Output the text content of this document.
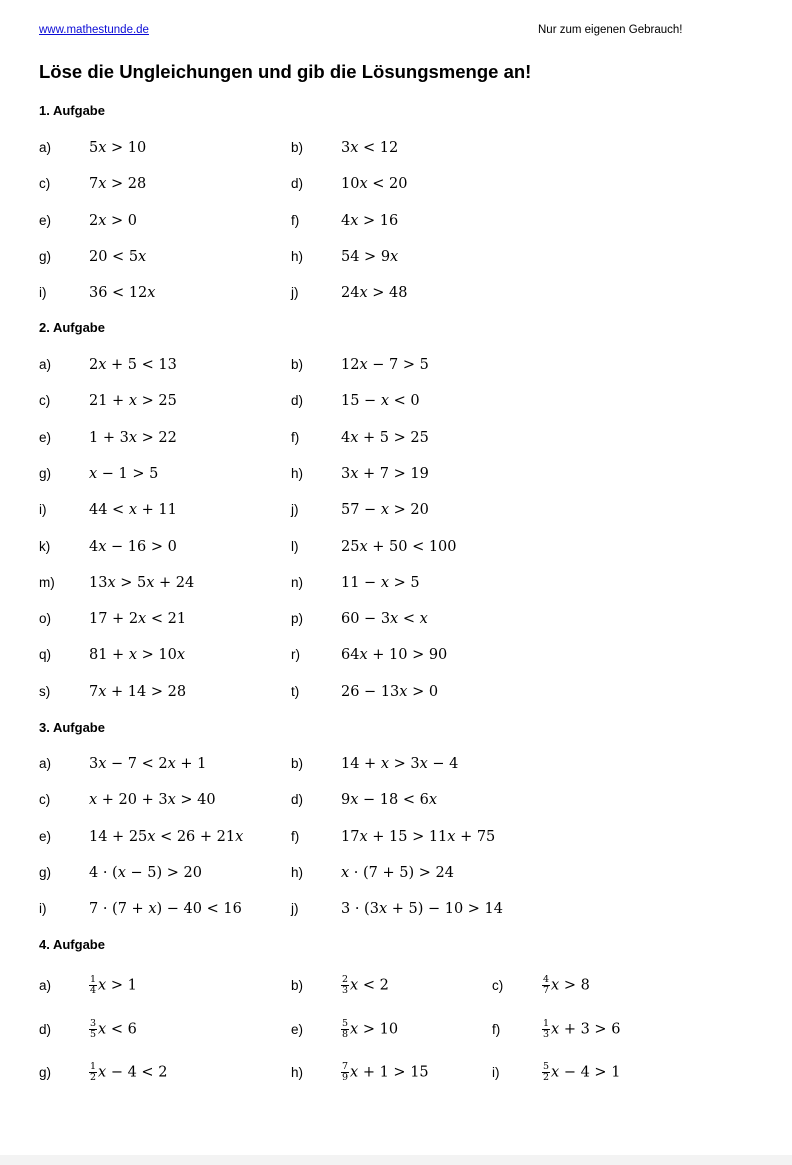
www.mathestunde.de	Nur zum eigenen Gebrauch!
Löse die Ungleichungen und gib die Lösungsmenge an!
1. Aufgabe
a)	5x > 10	b)	3x < 12
c)	7x > 28	d)	10x < 20
e)	2x > 0	f)	4x > 16
g)	20 < 5x	h)	54 > 9x
i)	36 < 12x	j)	24x > 48
2. Aufgabe
a)	2x + 5 < 13	b)	12x − 7 > 5
c)	21 + x > 25	d)	15 − x < 0
e)	1 + 3x > 22	f)	4x + 5 > 25
g)	x − 1 > 5	h)	3x + 7 > 19
i)	44 < x + 11	j)	57 − x > 20
k)	4x − 16 > 0	l)	25x + 50 < 100
m) 13x > 5x + 24	n)	11 − x > 5
o)	17 + 2x < 21	p)	60 − 3x < x
q)	81 + x > 10x	r)	64x + 10 > 90
s)	7x + 14 > 28	t)	26 − 13x > 0
3. Aufgabe
a)	3x − 7 < 2x + 1	b)	14 + x > 3x − 4
c)	x + 20 + 3x > 40	d)	9x − 18 < 6x
e)	14 + 25x < 26 + 21x	f)	17x + 15 > 11x + 75
g)	4 · (x − 5) > 20	h)	x · (7 + 5) > 24
i)	7 · (7 + x) − 40 < 16	j)	3 · (3x + 5) − 10 > 14
4. Aufgabe
a)	$\frac{1}{4}$ x > 1	b)	$\frac{2}{3}$ x < 2	c)	$\frac{4}{7}$ x > 8
d)	$\frac{3}{5}$ x < 6	e)	$\frac{5}{8}$ x > 10	f)	$\frac{1}{3}$ x + 3 > 6
g)	$\frac{1}{2}$ x − 4 < 2	h)	$\frac{7}{9}$ x + 1 > 15	i)	$\frac{5}{2}$ x − 4 > 1
